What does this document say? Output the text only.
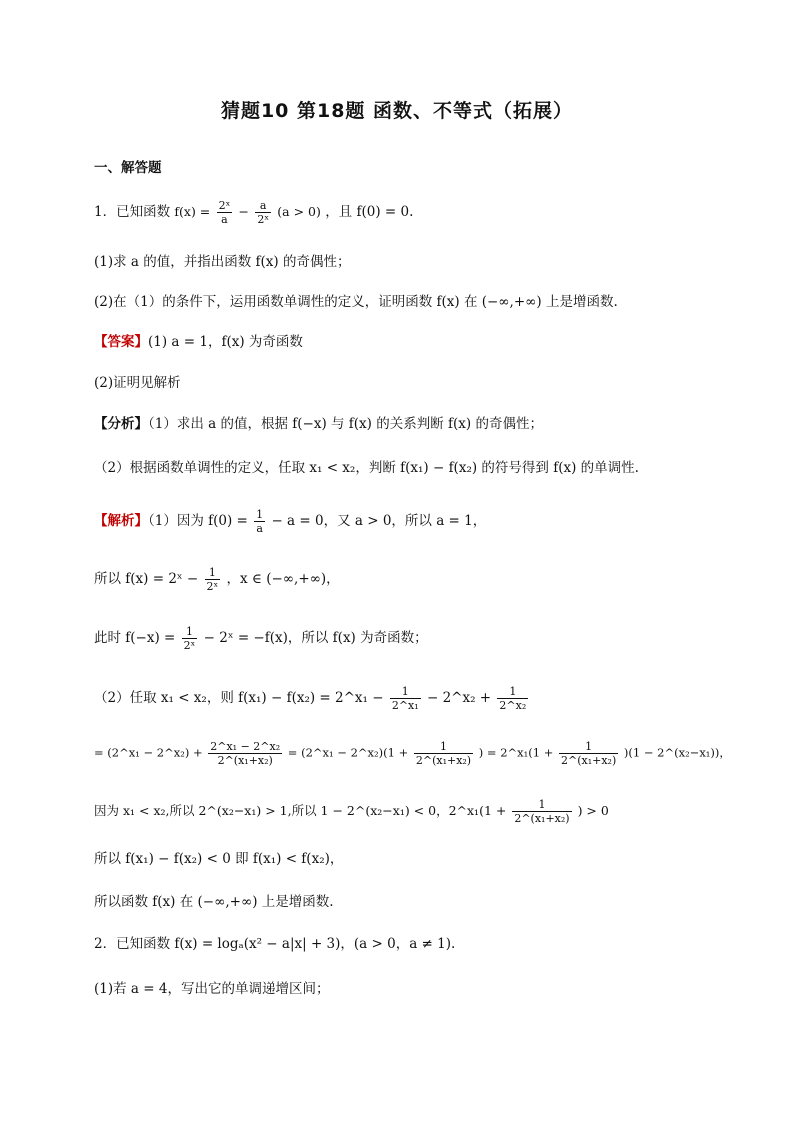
猜题10 第18题 函数、不等式（拓展）
一、解答题
1．已知函数 $f(x) = \frac{\text{2ˣ}}{a} - \frac{a}{\text{2ˣ}} (a > 0)$ ，且 f(0) = 0.
(1)求 a 的值，并指出函数 f(x) 的奇偶性；
(2)在（1）的条件下，运用函数单调性的定义，证明函数 f(x) 在 (−∞,+∞) 上是增函数.
【答案】(1) a = 1，f(x) 为奇函数
(2)证明见解析
【分析】（1）求出 a 的值，根据 f(−x) 与 f(x) 的关系判断 f(x) 的奇偶性；
（2）根据函数单调性的定义，任取 x₁ < x₂，判断 f(x₁) − f(x₂) 的符号得到 f(x) 的单调性.
【解析】（1）因为 $f(0) = \frac{1}{a} - a = 0$，又 a > 0，所以 a = 1，
所以 f(x) = 2ˣ − $\frac{1}{\text{2ˣ}}$ ，x ∈ (−∞,+∞)，
此时 $f(-x) = \frac{1}{\text{2ˣ}}$ − 2ˣ = −f(x)，所以 f(x) 为奇函数；
（2）任取 x₁ < x₂，则 f(x₁) − f(x₂) = 2^x₁ − $\frac{1}{\text{2\textasciicircum{}x₁}}$ − 2^x₂ + $\frac{1}{\text{2\textasciicircum{}x₂}}$
= (2^x₁ − 2^x₂) + $\frac{\text{2\textasciicircum{}x₁ − 2\textasciicircum{}x₂}}{\text{2\textasciicircum{}(x₁+x₂)}}$ = (2^x₁ − 2^x₂)(1 + $\frac{1}{\text{2\textasciicircum{}(x₁+x₂)}}$ ) = 2^x₁(1 + $\frac{1}{\text{2\textasciicircum{}(x₁+x₂)}} )(1$ − 2^(x₂−x₁))，
因为 x₁ < x₂,所以 2^(x₂−x₁) > 1,所以 1 − 2^(x₂−x₁) < 0，2^x₁(1 + $\frac{1}{\text{2\textasciicircum{}(x₁+x₂)}}$ ) > 0
所以 f(x₁) − f(x₂) < 0 即 f(x₁) < f(x₂)，
所以函数 f(x) 在 (−∞,+∞) 上是增函数.
2．已知函数 f(x) = logₐ(x² − a|x| + 3)，(a > 0，a ≠ 1).
(1)若 a = 4，写出它的单调递增区间；
